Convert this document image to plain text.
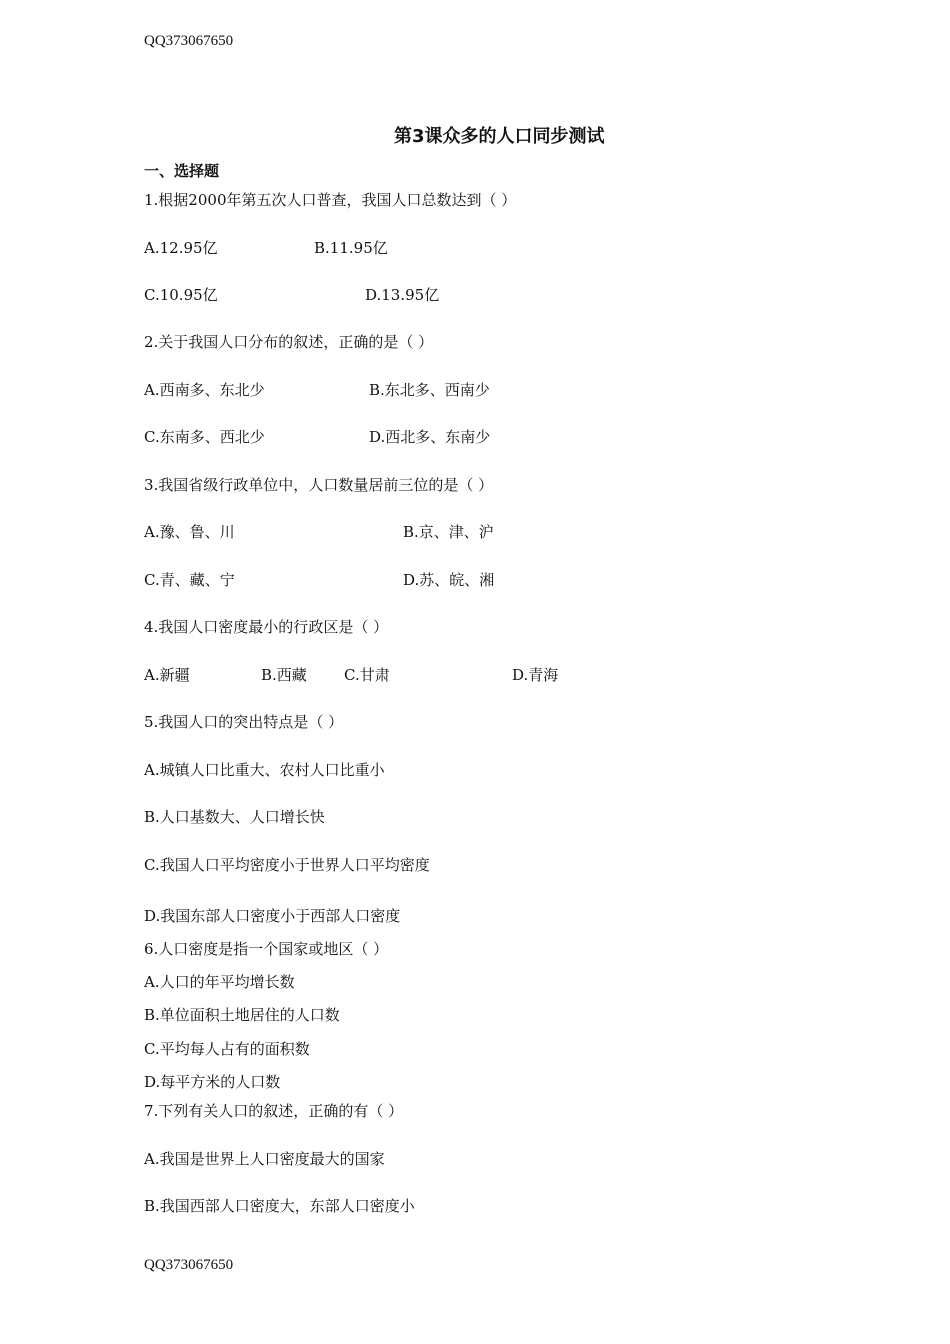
QQ373067650
第3课众多的人口同步测试
一、选择题
1.根据2000年第五次人口普查，我国人口总数达到（ ）
A.12.95亿	B.11.95亿
C.10.95亿	D.13.95亿
2.关于我国人口分布的叙述，正确的是（ ）
A.西南多、东北少	B.东北多、西南少
C.东南多、西北少	D.西北多、东南少
3.我国省级行政单位中，人口数量居前三位的是（ ）
A.豫、鲁、川	B.京、津、沪
C.青、藏、宁	D.苏、皖、湘
4.我国人口密度最小的行政区是（ ）
A.新疆	B.西藏 C.甘肃	D.青海
5.我国人口的突出特点是（ ）
A.城镇人口比重大、农村人口比重小
B.人口基数大、人口增长快
C.我国人口平均密度小于世界人口平均密度
D.我国东部人口密度小于西部人口密度
6.人口密度是指一个国家或地区（ ）
A.人口的年平均增长数
B.单位面积土地居住的人口数
C.平均每人占有的面积数
D.每平方米的人口数
7.下列有关人口的叙述，正确的有（ ）
A.我国是世界上人口密度最大的国家
B.我国西部人口密度大，东部人口密度小
QQ373067650
